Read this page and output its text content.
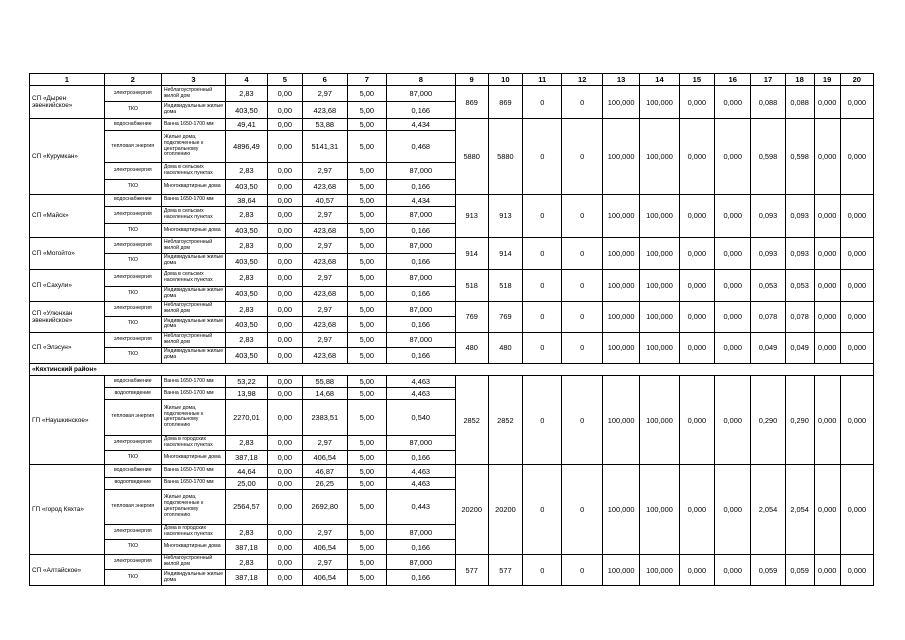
1	2	3	4	5	6	7	8	9	10	11	12	13	14	15	16	17	18	19	20
СП «Дырен эвенкийское»	электроэнергия	Неблагоустроенный жилой дом	2,83	0,00	2,97	5,00	87,000	869	869	0	0	100,000	100,000	0,000	0,000	0,088	0,088	0,000	0,000
	ТКО	Индивидуальные жилые дома	403,50	0,00	423,68	5,00	0,166												
СП «Курумкан»	водоснабжение	Ванна 1650-1700 мм	49,41	0,00	53,88	5,00	4,434	5880	5880	0	0	100,000	100,000	0,000	0,000	0,598	0,598	0,000	0,000
	тепловая энергия	Жилые дома, подключенные к центральному отоплению	4896,49	0,00	5141,31	5,00	0,468												
	электроэнергия	Дома в сельских населенных пунктах	2,83	0,00	2,97	5,00	87,000												
	ТКО	Многоквартирные дома	403,50	0,00	423,68	5,00	0,166												
СП «Майск»	водоснабжение	Ванна 1650-1700 мм	38,64	0,00	40,57	5,00	4,434	913	913	0	0	100,000	100,000	0,000	0,000	0,093	0,093	0,000	0,000
	электроэнергия	Дома в сельских населенных пунктах	2,83	0,00	2,97	5,00	87,000												
	ТКО	Многоквартирные дома	403,50	0,00	423,68	5,00	0,166												
СП «Могойто»	электроэнергия	Неблагоустроенный жилой дом	2,83	0,00	2,97	5,00	87,000	914	914	0	0	100,000	100,000	0,000	0,000	0,093	0,093	0,000	0,000
	ТКО	Индивидуальные жилые дома	403,50	0,00	423,68	5,00	0,166												
СП «Сахули»	электроэнергия	Дома в сельских населенных пунктах	2,83	0,00	2,97	5,00	87,000	518	518	0	0	100,000	100,000	0,000	0,000	0,053	0,053	0,000	0,000
	ТКО	Индивидуальные жилые дома	403,50	0,00	423,68	5,00	0,166												
СП «Улюнхан эвенкийское»	электроэнергия	Неблагоустроенный жилой дом	2,83	0,00	2,97	5,00	87,000	769	769	0	0	100,000	100,000	0,000	0,000	0,078	0,078	0,000	0,000
	ТКО	Индивидуальные жилые дома	403,50	0,00	423,68	5,00	0,166												
СП «Элэсун»	электроэнергия	Неблагоустроенный жилой дом	2,83	0,00	2,97	5,00	87,000	480	480	0	0	100,000	100,000	0,000	0,000	0,049	0,049	0,000	0,000
	ТКО	Индивидуальные жилые дома	403,50	0,00	423,68	5,00	0,166												
«Кяхтинский район»																			
ГП «Наушкинское»	водоснабжение	Ванна 1650-1700 мм	53,22	0,00	55,88	5,00	4,463	2852	2852	0	0	100,000	100,000	0,000	0,000	0,290	0,290	0,000	0,000
	водоотведение	Ванна 1650-1700 мм	13,98	0,00	14,68	5,00	4,463												
	тепловая энергия	Жилые дома, подключенные к центральному отоплению	2270,01	0,00	2383,51	5,00	0,540												
	электроэнергия	Дома в городских населенных пунктах	2,83	0,00	2,97	5,00	87,000												
	ТКО	Многоквартирные дома	387,18	0,00	406,54	5,00	0,166												
ГП «город Кяхта»	водоснабжение	Ванна 1650-1700 мм	44,64	0,00	46,87	5,00	4,463	20200	20200	0	0	100,000	100,000	0,000	0,000	2,054	2,054	0,000	0,000
	водоотведение	Ванна 1650-1700 мм	25,00	0,00	26,25	5,00	4,463												
	тепловая энергия	Жилые дома, подключенные к центральному отоплению	2564,57	0,00	2692,80	5,00	0,443												
	электроэнергия	Дома в городских населенных пунктах	2,83	0,00	2,97	5,00	87,000												
	ТКО	Многоквартирные дома	387,18	0,00	406,54	5,00	0,166												
СП «Алтайское»	электроэнергия	Неблагоустроенный жилой дом	2,83	0,00	2,97	5,00	87,000	577	577	0	0	100,000	100,000	0,000	0,000	0,059	0,059	0,000	0,000
	ТКО	Индивидуальные жилые дома	387,18	0,00	406,54	5,00	0,166												
